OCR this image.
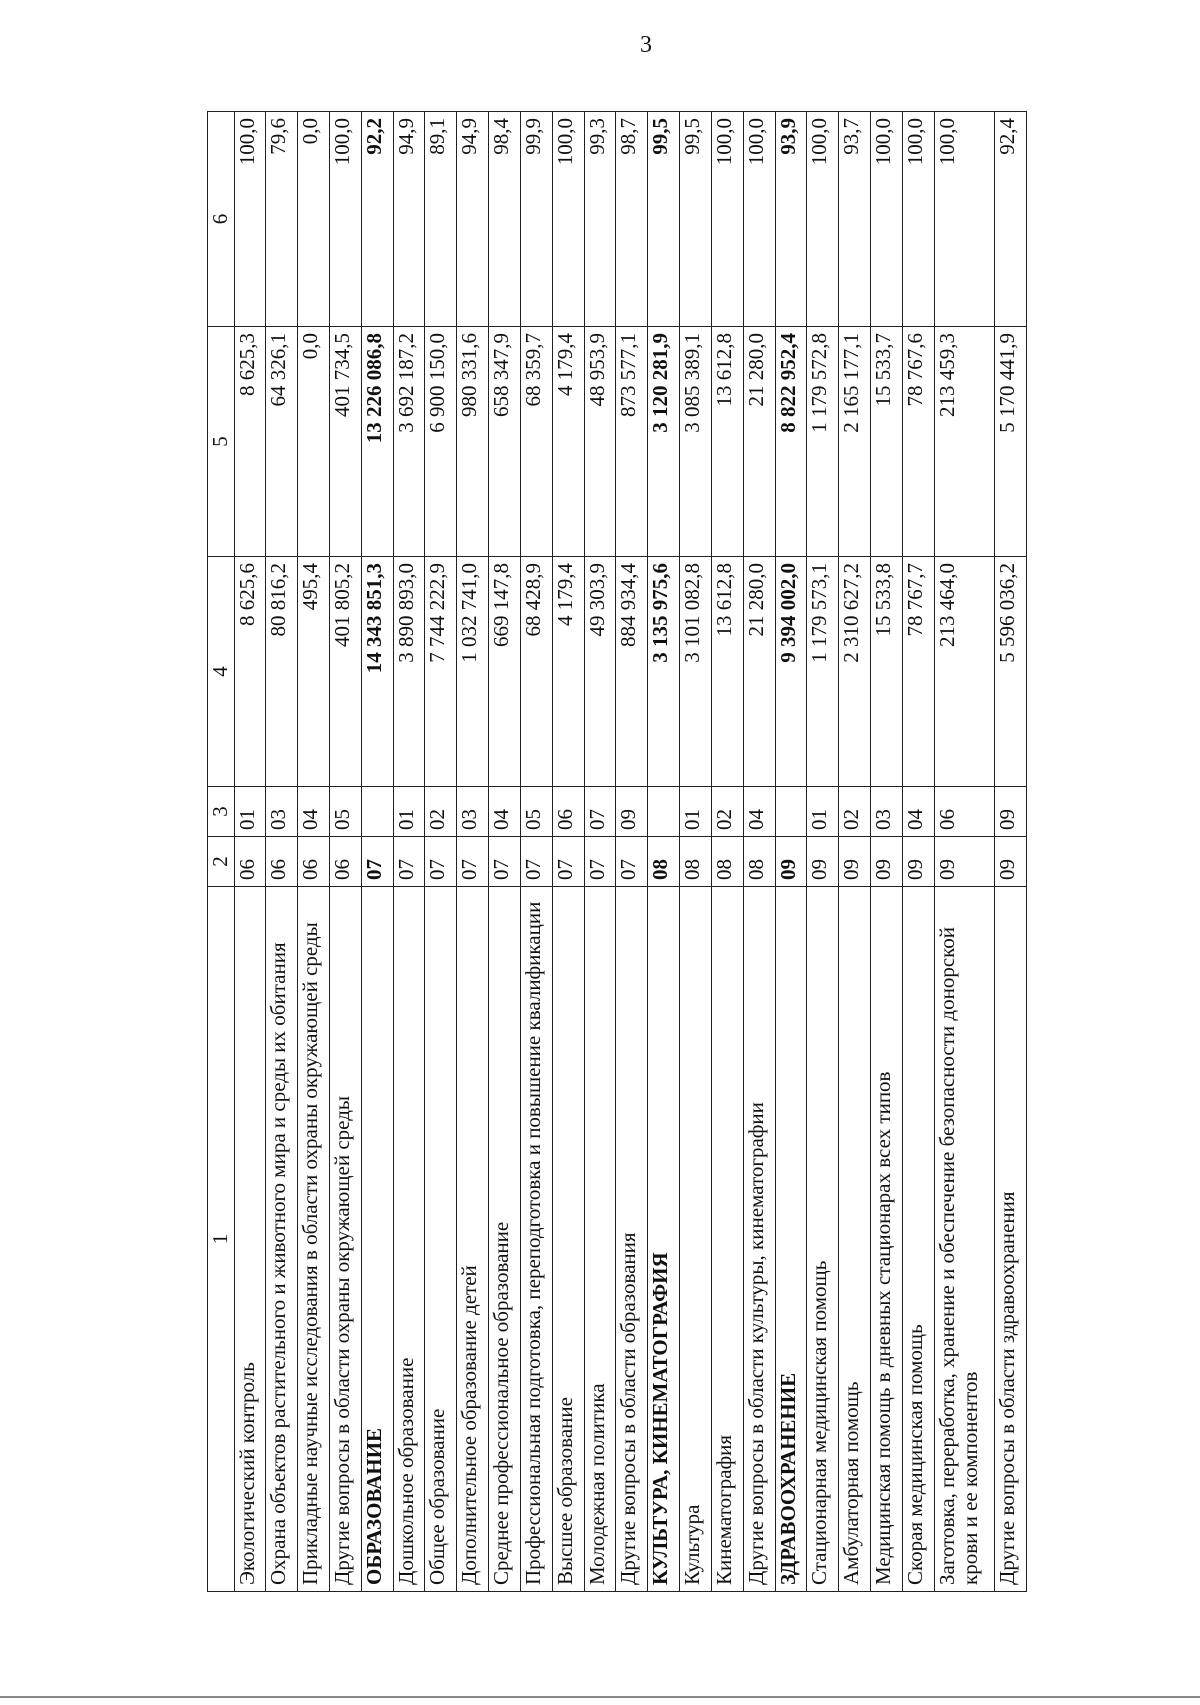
3
1	2	3	4	5	6
Экологический контроль	06	01	8 625,6	8 625,3	100,0
Охрана объектов растительного и животного мира и среды их обитания	06	03	80 816,2	64 326,1	79,6
Прикладные научные исследования в области охраны окружающей среды	06	04	495,4	0,0	0,0
Другие вопросы в области охраны окружающей среды	06	05	401 805,2	401 734,5	100,0
ОБРАЗОВАНИЕ	07		14 343 851,3	13 226 086,8	92,2
Дошкольное образование	07	01	3 890 893,0	3 692 187,2	94,9
Общее образование	07	02	7 744 222,9	6 900 150,0	89,1
Дополнительное образование детей	07	03	1 032 741,0	980 331,6	94,9
Среднее профессиональное образование	07	04	669 147,8	658 347,9	98,4
Профессиональная подготовка, переподготовка и повышение квалификации	07	05	68 428,9	68 359,7	99,9
Высшее образование	07	06	4 179,4	4 179,4	100,0
Молодежная политика	07	07	49 303,9	48 953,9	99,3
Другие вопросы в области образования	07	09	884 934,4	873 577,1	98,7
КУЛЬТУРА, КИНЕМАТОГРАФИЯ	08		3 135 975,6	3 120 281,9	99,5
Культура	08	01	3 101 082,8	3 085 389,1	99,5
Кинематография	08	02	13 612,8	13 612,8	100,0
Другие вопросы в области культуры, кинематографии	08	04	21 280,0	21 280,0	100,0
ЗДРАВООХРАНЕНИЕ	09		9 394 002,0	8 822 952,4	93,9
Стационарная медицинская помощь	09	01	1 179 573,1	1 179 572,8	100,0
Амбулаторная помощь	09	02	2 310 627,2	2 165 177,1	93,7
Медицинская помощь в дневных стационарах всех типов	09	03	15 533,8	15 533,7	100,0
Скорая медицинская помощь	09	04	78 767,7	78 767,6	100,0
Заготовка, переработка, хранение и обеспечение безопасности донорской крови и ее компонентов	09	06	213 464,0	213 459,3	100,0
Другие вопросы в области здравоохранения	09	09	5 596 036,2	5 170 441,9	92,4
